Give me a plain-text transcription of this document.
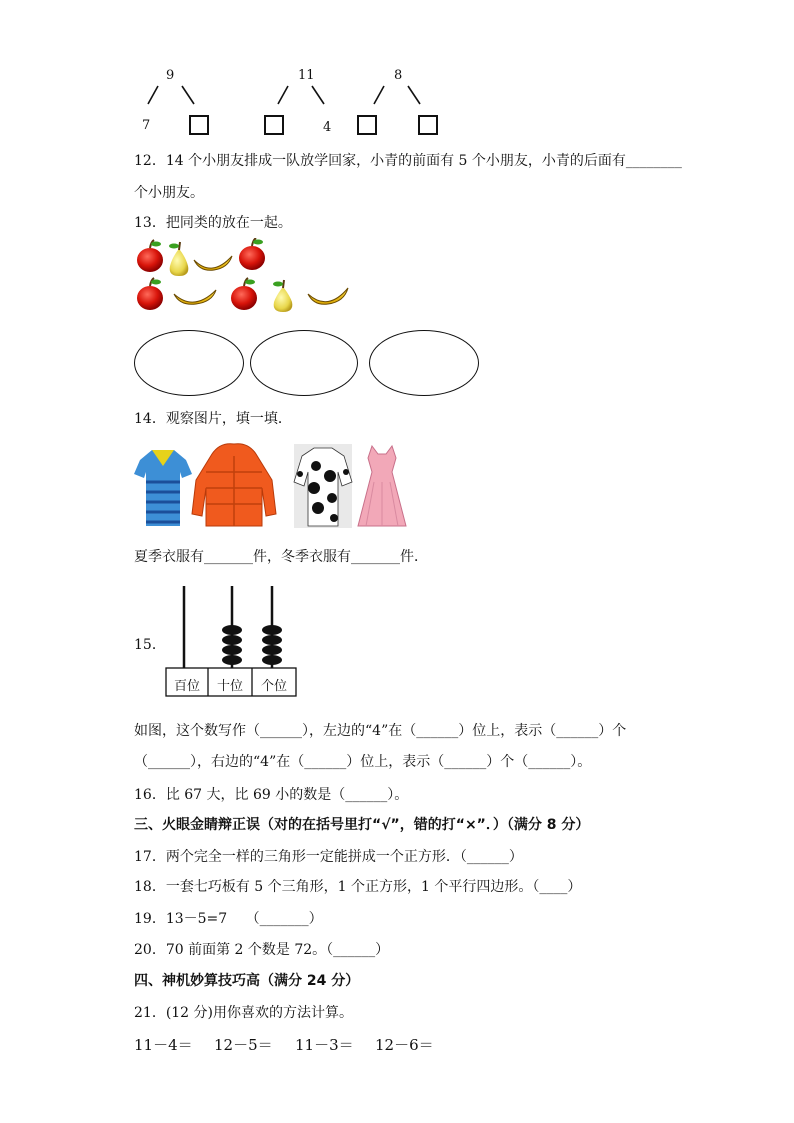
9
7
11
4
8
12．14 个小朋友排成一队放学回家，小青的前面有 5 个小朋友，小青的后面有________
个小朋友。
13．把同类的放在一起。
14．观察图片，填一填．
夏季衣服有_______件，冬季衣服有_______件．
15．
百位	十位	个位
如图，这个数写作（______），左边的“4”在（______）位上，表示（______）个
（______），右边的“4”在（______）位上，表示（______）个（______）。
16．比 67 大，比 69 小的数是（______）。
三、火眼金睛辩正误（对的在括号里打“√”，错的打“×”．）（满分 8 分）
17．两个完全一样的三角形一定能拼成一个正方形．（______）
18．一套七巧板有 5 个三角形，1 个正方形，1 个平行四边形。（____）
19．13－5=7　 （_______）
20．70 前面第 2 个数是 72。（______）
四、神机妙算技巧高（满分 24 分）
21．(12 分)用你喜欢的方法计算。
11－4＝ 12－5＝ 11－3＝ 12－6＝
